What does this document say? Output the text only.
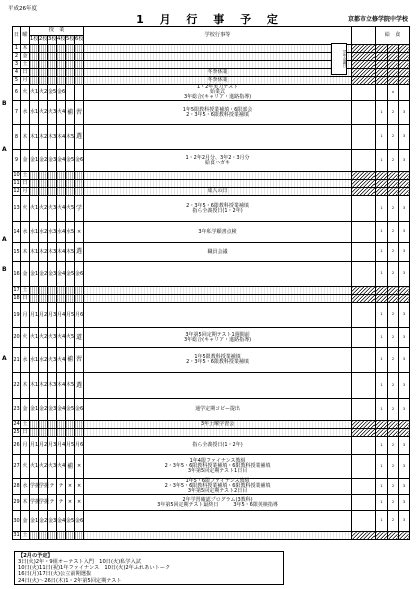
平成26年度
1 月 行 事 予 定	京都市立修学院中学校
B
A
A
B
A
日	曜	授　業						学校行事等		給　食		
		1校	2校	3校	4校	5校	6校					
1	木											
2	金											
3	土											
4	日							冬季休業				

5	月							冬季休業				

6	火	火1	火2	金5	金6			1・2年実力テスト
始業式
3年総合(キャリア・進路指導)			×	
7	水	水1	火2	火3	火4	補	習	1年5限教科授業補填・6限部会
2・3年5・6限教科授業補填		1	2	3
8	木	木1	木2	木3	木4	木5	選			1	2	3
9	金	金1	金2	金3	金4	金5	金6	1・2年2月分、3年2・3月分
給食ハガキ		1	2	3
10	土											
11	日											
12	月							成人の日				

13	火	火1	火2	火3	火4	火5	学	2・3年5・6限教科授業補填
指ら全義授日(1・2年)		1	2	3
14	水	水1	水2	水3	水4	水5	×	3年私学願書点検		1	2	3
15	木	木1	木2	木3	木4	木5	選	職員会議		1	2	3
16	金	金1	金2	金3	金4	金5	金6			1	2	3
17	土											
18	日											
19	月	月1	月2	月3	月4	月5	月6			1	2	3
20	火	火1	火2	火3	火4	火5	道	3年第5回定期テスト1週間前
3年総合(キャリア・進路指導)		1	2	3
21	水	水1	水2	火3	火4	補	習	1年5限教科授業補填
2・3年5・6限教科授業補填		1	2	3
22	木	木1	木2	木3	木4	木5	選			1	2	3
23	金	金1	金2	金3	金4	金5	金6	通学定期コピー提出		1	2	3
24	土							3年土曜学習会				

25	日											
26	月	月1	月2	月3	月4	月5	月6	指ら全義授日(1・2年)		1	2	3
27	火	火1	火2	火3	火4	補	×	1年4限ファイナンス教組
2・3年5・6限教科授業補填・6限教科授業補填
3年第5回定期テスト1日目		1	2	3
28	水	学援	学援	テ	テ	×	×	1年5・6限ファイナンス教組
2・3年5・6限教科授業補填・6限教科授業補填
3年第5回定期テスト2日目		1	2	3
29	木	学援	学援	テ	テ	×	×	2年学習確認プログラム(3教科)
3年第5回定期テスト最終日　　　3年5・6限英検指導		1	2	3
30	金	金1	金2	金3	金4	金5	金6			1	2	3
31	土											
学年会議日
【2月の予定】
3日(火)2年・9組オーテスト入門　10日(火)私学入試
10日(火)11日(祝)1年ファイナンス　10日(火)2年ふれあいトーク
16日(月)17日(火)公立前期選抜
24日(火)～26日(木)1・2年第5回定期テスト
